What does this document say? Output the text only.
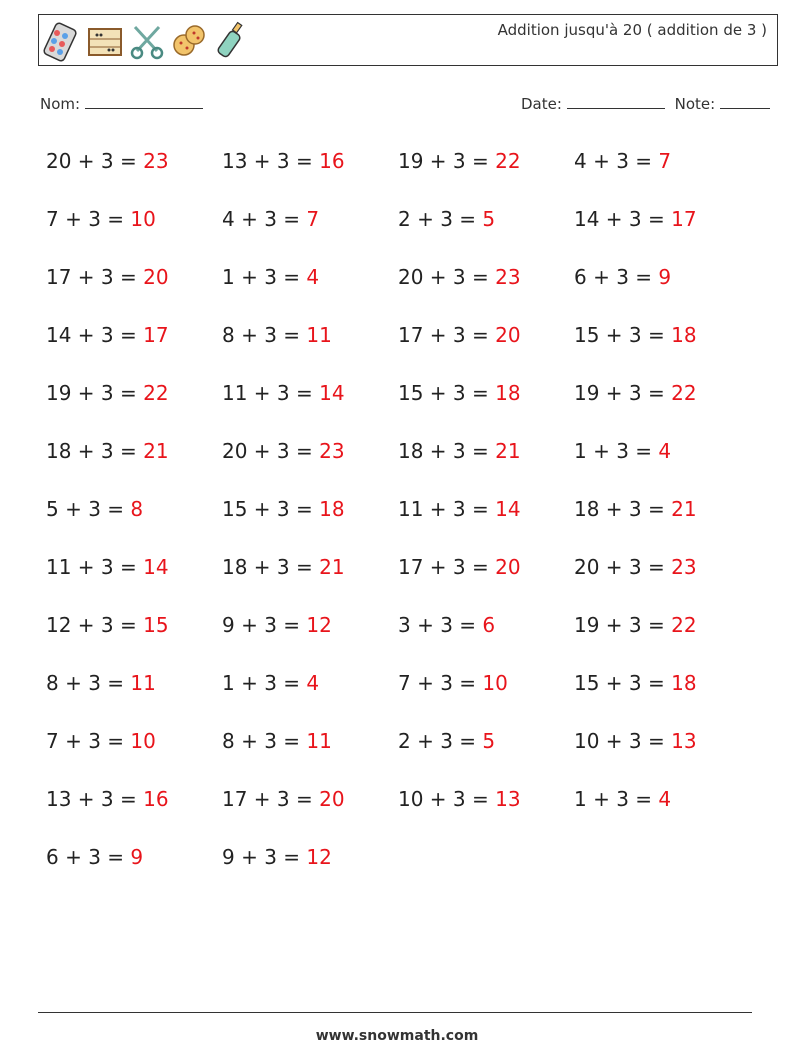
Addition jusqu'à 20 ( addition de 3 )
Nom:	Date:	Note:
20 + 3 = 23	13 + 3 = 16	19 + 3 = 22	4 + 3 = 7
7 + 3 = 10	4 + 3 = 7	2 + 3 = 5	14 + 3 = 17
17 + 3 = 20	1 + 3 = 4	20 + 3 = 23	6 + 3 = 9
14 + 3 = 17	8 + 3 = 11	17 + 3 = 20	15 + 3 = 18
19 + 3 = 22	11 + 3 = 14	15 + 3 = 18	19 + 3 = 22
18 + 3 = 21	20 + 3 = 23	18 + 3 = 21	1 + 3 = 4
5 + 3 = 8	15 + 3 = 18	11 + 3 = 14	18 + 3 = 21
11 + 3 = 14	18 + 3 = 21	17 + 3 = 20	20 + 3 = 23
12 + 3 = 15	9 + 3 = 12	3 + 3 = 6	19 + 3 = 22
8 + 3 = 11	1 + 3 = 4	7 + 3 = 10	15 + 3 = 18
7 + 3 = 10	8 + 3 = 11	2 + 3 = 5	10 + 3 = 13
13 + 3 = 16	17 + 3 = 20	10 + 3 = 13	1 + 3 = 4
6 + 3 = 9	9 + 3 = 12
www.snowmath.com
